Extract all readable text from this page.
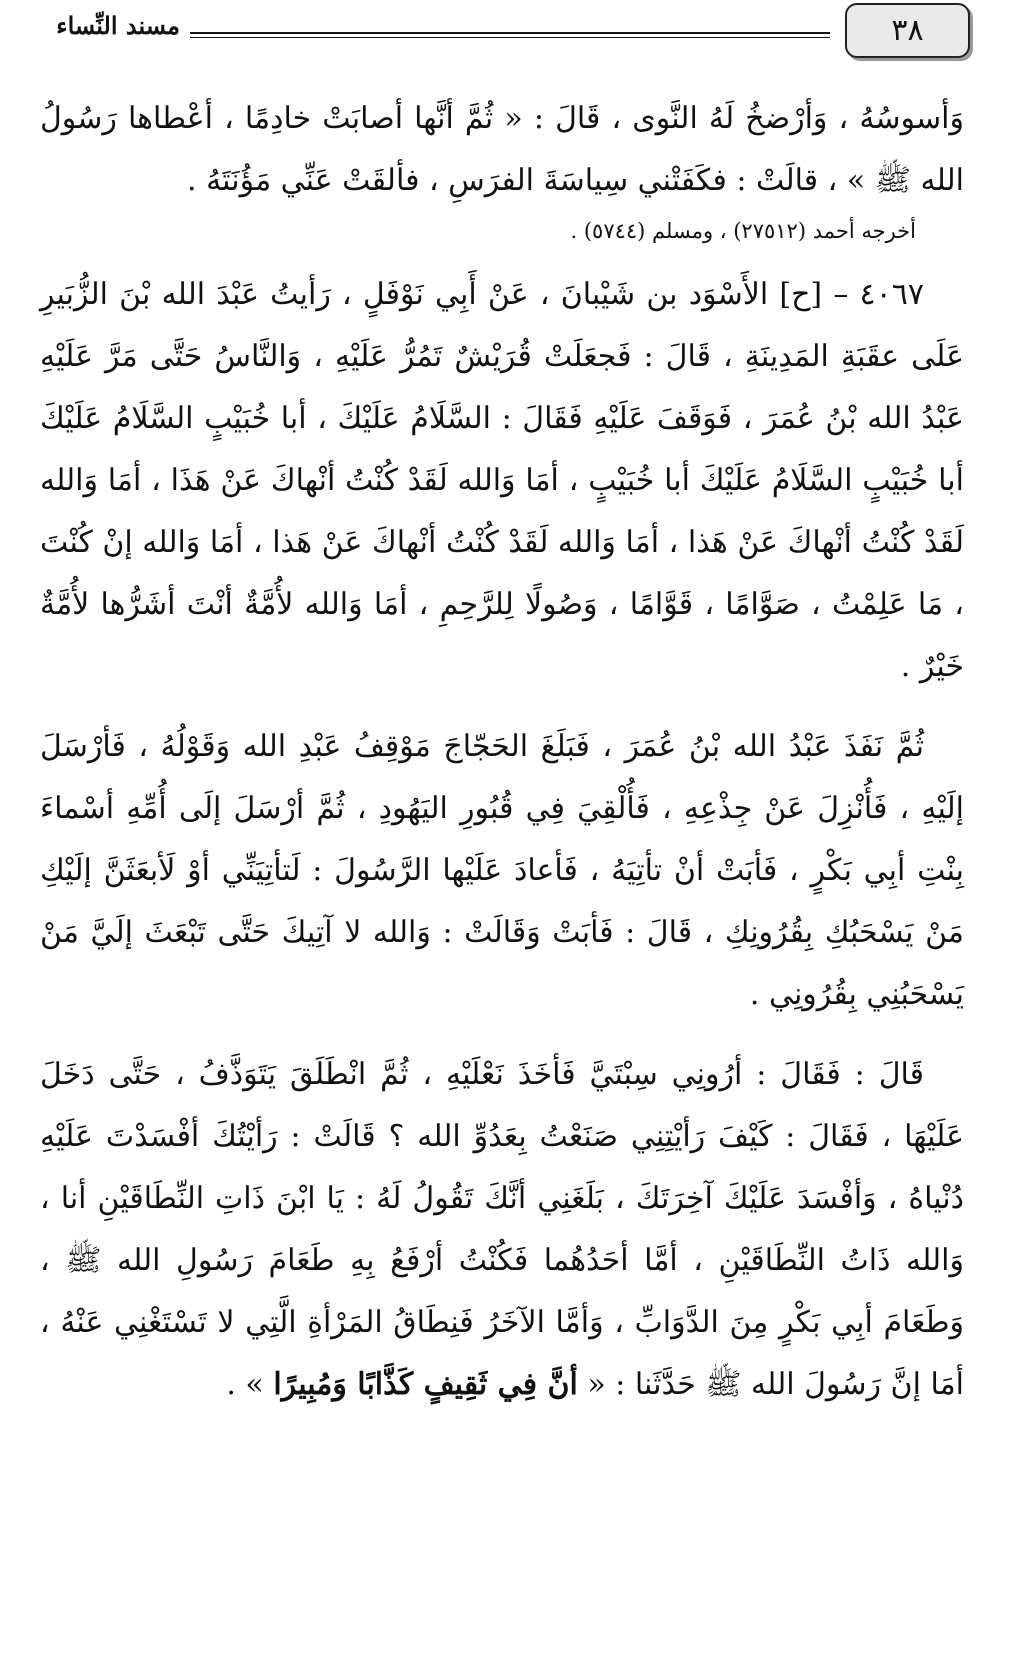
٣٨
مسند النِّساء

وَأسوسُهُ ، وَأرْضخُ لَهُ النَّوى ، قَالَ : « ثُمَّ أنَّها أصابَتْ خادِمًا ، أعْطاها رَسُولُ الله ﷺ » ، قالَتْ : فكَفَتْني سِياسَةَ الفرَسِ ، فألقَتْ عَنِّي مَؤُنَتَهُ .

أخرجه أحمد (٢٧٥١٢) ، ومسلم (٥٧٤٤) .

٤٠٦٧ – [ح] الأَسْوَد بن شَيْبانَ ، عَنْ أَبِي نَوْفَلٍ ، رَأيتُ عَبْدَ الله بْنَ الزُّبَيرِ عَلَى عقَبَةِ المَدِينَةِ ، قَالَ : فَجعَلَتْ قُرَيْشٌ تَمُرُّ عَلَيْهِ ، وَالنَّاسُ حَتَّى مَرَّ عَلَيْهِ عَبْدُ الله بْنُ عُمَرَ ، فَوَقَفَ عَلَيْهِ فَقَالَ : السَّلَامُ عَلَيْكَ ، أبا خُبَيْبٍ السَّلَامُ عَلَيْكَ أبا خُبَيْبٍ السَّلَامُ عَلَيْكَ أبا خُبَيْبٍ ، أمَا وَالله لَقَدْ كُنْتُ أنْهاكَ عَنْ هَذَا ، أمَا وَالله لَقَدْ كُنْتُ أنْهاكَ عَنْ هَذا ، أمَا وَالله لَقَدْ كُنْتُ أنْهاكَ عَنْ هَذا ، أمَا وَالله إنْ كُنْتَ ، مَا عَلِمْتُ ، صَوَّامًا ، قَوَّامًا ، وَصُولًا لِلرَّحِمِ ، أمَا وَالله لأُمَّةٌ أنْتَ أشَرُّها لأُمَّةٌ خَيْرٌ .

ثُمَّ نَفَذَ عَبْدُ الله بْنُ عُمَرَ ، فَبَلَغَ الحَجّاجَ مَوْقِفُ عَبْدِ الله وَقَوْلُهُ ، فَأرْسَلَ إلَيْهِ ، فَأُنْزِلَ عَنْ جِذْعِهِ ، فَأُلْقِيَ فِي قُبُورِ اليَهُودِ ، ثُمَّ أرْسَلَ إلَى أُمِّهِ أسْماءَ بِنْتِ أبِي بَكْرٍ ، فَأبَتْ أنْ تأتِيَهُ ، فَأعادَ عَلَيْها الرَّسُولَ : لَتأتِيَنِّي أوْ لَأبعَثَنَّ إلَيْكِ مَنْ يَسْحَبُكِ بِقُرُونِكِ ، قَالَ : فَأبَتْ وَقَالَتْ : وَالله لا آتِيكَ حَتَّى تَبْعَثَ إلَيَّ مَنْ يَسْحَبُنِي بِقُرُونِي .

قَالَ : فَقَالَ : أرُونِي سِبْتَيَّ فَأخَذَ نَعْلَيْهِ ، ثُمَّ انْطَلَقَ يَتَوَذَّفُ ، حَتَّى دَخَلَ عَلَيْهَا ، فَقَالَ : كَيْفَ رَأيْتِنِي صَنَعْتُ بِعَدُوِّ الله ؟ قَالَتْ : رَأيْتُكَ أفْسَدْتَ عَلَيْهِ دُنْياهُ ، وَأفْسَدَ عَلَيْكَ آخِرَتَكَ ، بَلَغَنِي أنَّكَ تَقُولُ لَهُ : يَا ابْنَ ذَاتِ النِّطَاقَيْنِ أنا ، وَالله ذَاتُ النِّطَاقَيْنِ ، أمَّا أحَدُهُما فَكُنْتُ أرْفَعُ بِهِ طَعَامَ رَسُولِ الله ﷺ ، وَطَعَامَ أبِي بَكْرٍ مِنَ الدَّوَابِّ ، وَأمَّا الآخَرُ فَنِطَاقُ المَرْأةِ الَّتِي لا تَسْتَغْنِي عَنْهُ ، أمَا إنَّ رَسُولَ الله ﷺ حَدَّثَنا : « أنَّ فِي ثَقِيفٍ كَذَّابًا وَمُبِيرًا » .
